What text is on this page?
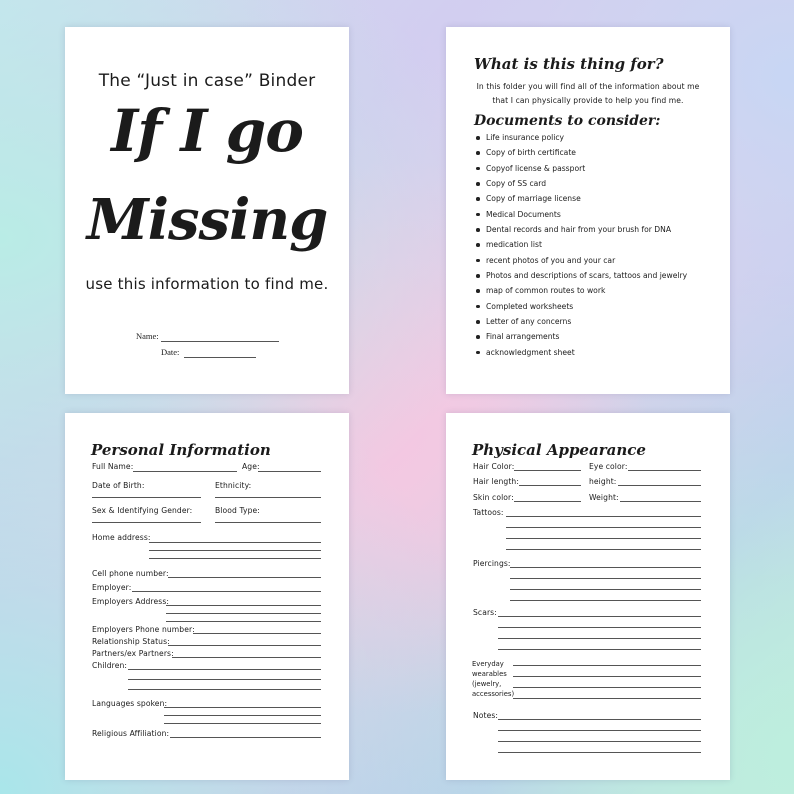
The “Just in case” Binder
If I go
Missing
use this information to find me.
Name:
Date:
What is this thing for?
In this folder you will find all of the information about me
that I can physically provide to help you find me.
Documents to consider:
Life insurance policy
Copy of birth certificate
Copyof license & passport
Copy of SS card
Copy of marriage license
Medical Documents
Dental records and hair from your brush for DNA
medication list
recent photos of you and your car
Photos and descriptions of scars, tattoos and jewelry
map of common routes to work
Completed worksheets
Letter of any concerns
Final arrangements
acknowledgment sheet
Personal Information
Full Name:	Age:
Date of Birth:	Ethnicity:
Sex & Identifying Gender:	Blood Type:
Home address:
Cell phone number:
Employer:
Employers Address:
Employers Phone number:
Relationship Status:
Partners/ex Partners:
Children:
Languages spoken:
Religious Affiliation:
Physical Appearance
Hair Color:	Eye color:
Hair length:	height:
Skin color:	Weight:
Tattoos:
Piercings:
Scars:
Everyday
wearables
(jewelry,
accessories)
Notes:
